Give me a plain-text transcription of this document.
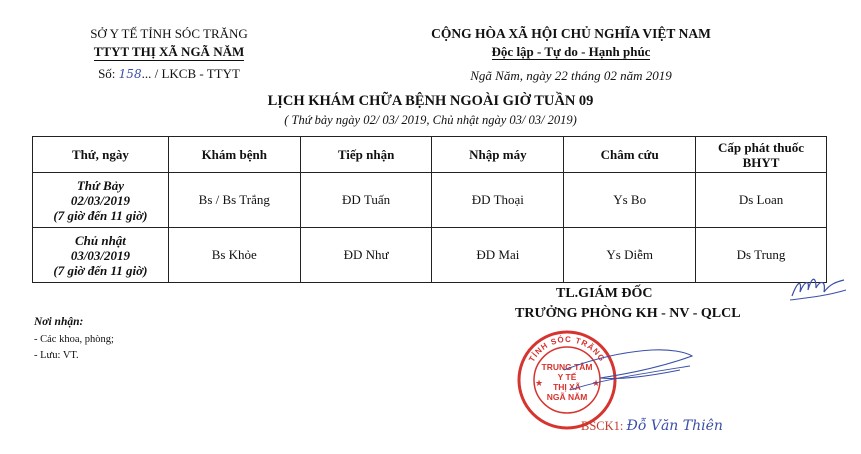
SỞ Y TẾ TỈNH SÓC TRĂNG
TTYT THỊ XÃ NGÃ NĂM
Số: 158... / LKCB - TTYT
CỘNG HÒA XÃ HỘI CHỦ NGHĨA VIỆT NAM
Độc lập - Tự do - Hạnh phúc
Ngã Năm, ngày 22 tháng 02 năm 2019
LỊCH KHÁM CHỮA BỆNH NGOÀI GIỜ TUẦN 09
( Thứ bảy ngày 02/ 03/ 2019, Chủ nhật ngày 03/ 03/ 2019)
Thứ, ngày	Khám bệnh	Tiếp nhận	Nhập máy	Châm cứu	Cấp phát thuốc BHYT

Thứ Bảy
02/03/2019
(7 giờ đến 11 giờ)	Bs / Bs Trắng	ĐD Tuấn	ĐD Thoại	Ys Bo	Ds Loan

Chủ nhật
03/03/2019
(7 giờ đến 11 giờ)	Bs Khỏe	ĐD Như	ĐD Mai	Ys Diễm	Ds Trung
TL.GIÁM ĐỐC
TRƯỞNG PHÒNG KH - NV - QLCL
TỈNH SÓC TRĂNG
TRUNG TÂM
Y TẾ
THỊ XÃ
NGÃ NĂM
★	★
BSCK1: Đỗ Văn Thiên
Nơi nhận:
- Các khoa, phòng;
- Lưu: VT.
